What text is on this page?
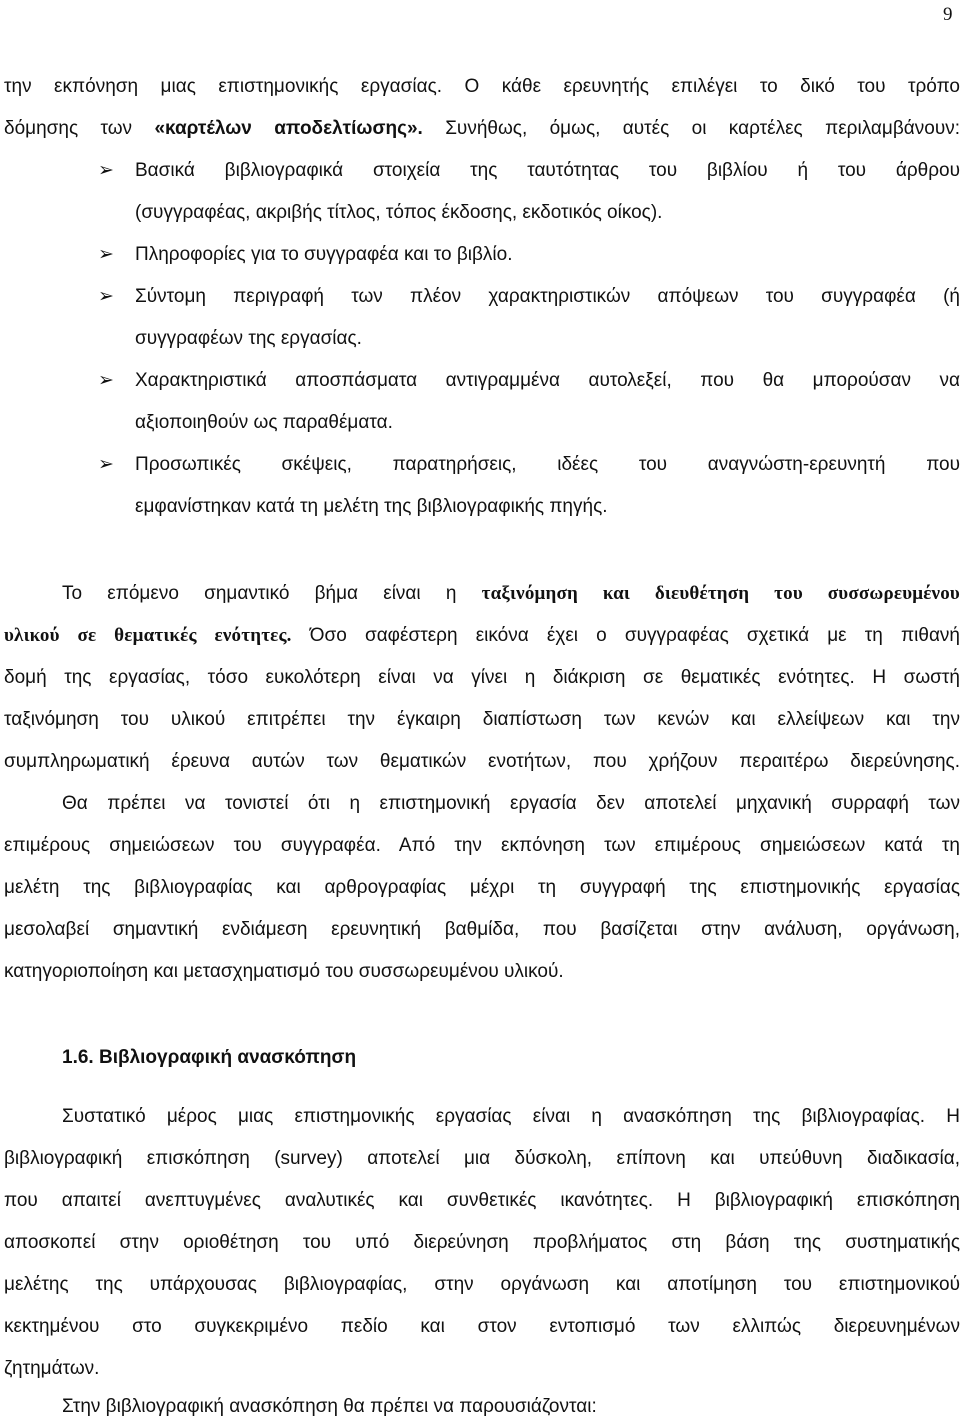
9
την εκπόνηση μιας επιστημονικής εργασίας. Ο κάθε ερευνητής επιλέγει το δικό του τρόπο
δόμησης των «καρτέλων αποδελτίωσης». Συνήθως, όμως, αυτές οι καρτέλες περιλαμβάνουν:
➢ Βασικά βιβλιογραφικά στοιχεία της ταυτότητας του βιβλίου ή του άρθρου
(συγγραφέας, ακριβής τίτλος, τόπος έκδοσης, εκδοτικός οίκος).
➢ Πληροφορίες για το συγγραφέα και το βιβλίο.
➢ Σύντομη περιγραφή των πλέον χαρακτηριστικών απόψεων του συγγραφέα (ή
συγγραφέων της εργασίας.
➢ Χαρακτηριστικά αποσπάσματα αντιγραμμένα αυτολεξεί, που θα μπορούσαν να
αξιοποιηθούν ως παραθέματα.
➢ Προσωπικές σκέψεις, παρατηρήσεις, ιδέες του αναγνώστη-ερευνητή που
εμφανίστηκαν κατά τη μελέτη της βιβλιογραφικής πηγής.
Το επόμενο σημαντικό βήμα είναι η ταξινόμηση και διευθέτηση του συσσωρευμένου
υλικού σε θεματικές ενότητες. Όσο σαφέστερη εικόνα έχει ο συγγραφέας σχετικά με τη πιθανή
δομή της εργασίας, τόσο ευκολότερη είναι να γίνει η διάκριση σε θεματικές ενότητες. Η σωστή
ταξινόμηση του υλικού επιτρέπει την έγκαιρη διαπίστωση των κενών και ελλείψεων και την
συμπληρωματική έρευνα αυτών των θεματικών ενοτήτων, που χρήζουν περαιτέρω διερεύνησης.
Θα πρέπει να τονιστεί ότι η επιστημονική εργασία δεν αποτελεί μηχανική συρραφή των
επιμέρους σημειώσεων του συγγραφέα. Από την εκπόνηση των επιμέρους σημειώσεων κατά τη
μελέτη της βιβλιογραφίας και αρθρογραφίας μέχρι τη συγγραφή της επιστημονικής εργασίας
μεσολαβεί σημαντική ενδιάμεση ερευνητική βαθμίδα, που βασίζεται στην ανάλυση, οργάνωση,
κατηγοριοποίηση και μετασχηματισμό του συσσωρευμένου υλικού.
1.6. Βιβλιογραφική ανασκόπηση
Συστατικό μέρος μιας επιστημονικής εργασίας είναι η ανασκόπηση της βιβλιογραφίας. Η
βιβλιογραφική επισκόπηση (survey) αποτελεί μια δύσκολη, επίπονη και υπεύθυνη διαδικασία,
που απαιτεί ανεπτυγμένες αναλυτικές και συνθετικές ικανότητες. Η βιβλιογραφική επισκόπηση
αποσκοπεί στην οριοθέτηση του υπό διερεύνηση προβλήματος στη βάση της συστηματικής
μελέτης της υπάρχουσας βιβλιογραφίας, στην οργάνωση και αποτίμηση του επιστημονικού
κεκτημένου στο συγκεκριμένο πεδίο και στον εντοπισμό των ελλιπώς διερευνημένων
ζητημάτων.
Στην βιβλιογραφική ανασκόπηση θα πρέπει να παρουσιάζονται:
